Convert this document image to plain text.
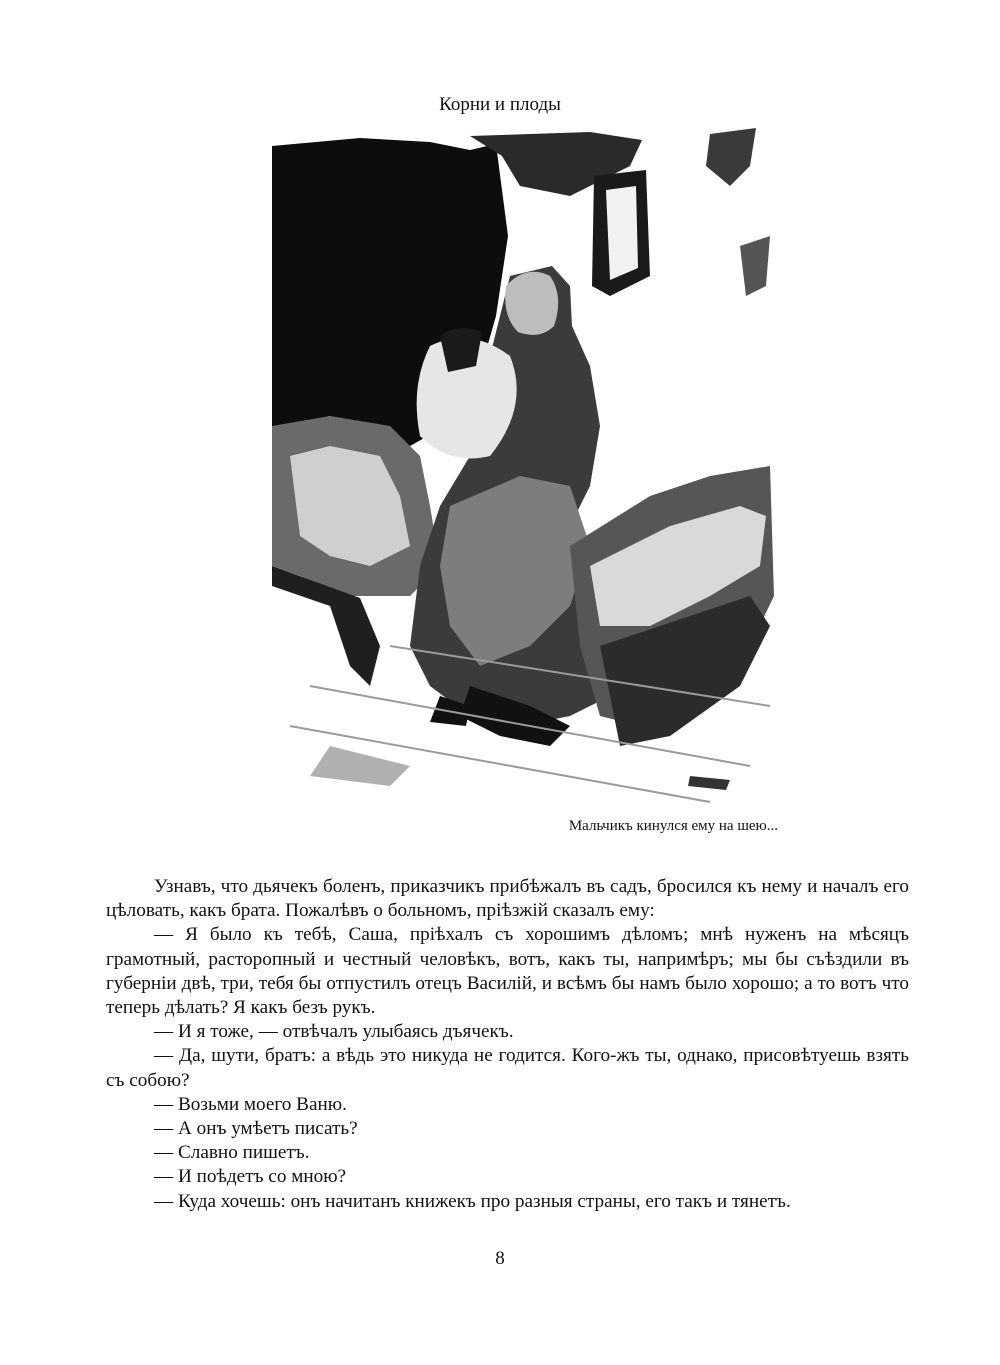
Корни и плоды
Мальчикъ кинулся ему на шею...

Узнавъ, что дьячекъ боленъ, приказчикъ прибѣжалъ въ садъ, бросился къ нему и началъ его цѣловать, какъ брата. Пожалѣвъ о больномъ, пріѣзжій сказалъ ему:

— Я было къ тебѣ, Саша, пріѣхалъ съ хорошимъ дѣломъ; мнѣ нуженъ на мѣсяцъ грамотный, расторопный и честный человѣкъ, вотъ, какъ ты, напримѣръ; мы бы съѣздили въ губерніи двѣ, три, тебя бы отпустилъ отецъ Василій, и всѣмъ бы намъ было хорошо; а то вотъ что теперь дѣлать? Я какъ безъ рукъ.

— И я тоже, — отвѣчалъ улыбаясь дъячекъ.

— Да, шути, братъ: а вѣдь это никуда не годится. Кого-жъ ты, однако, присовѣтуешь взять съ собою?

— Возьми моего Ваню.

— А онъ умѣетъ писать?

— Славно пишетъ.

— И поѣдетъ со мною?

— Куда хочешь: онъ начитанъ книжекъ про разныя страны, его такъ и тянетъ.

8
